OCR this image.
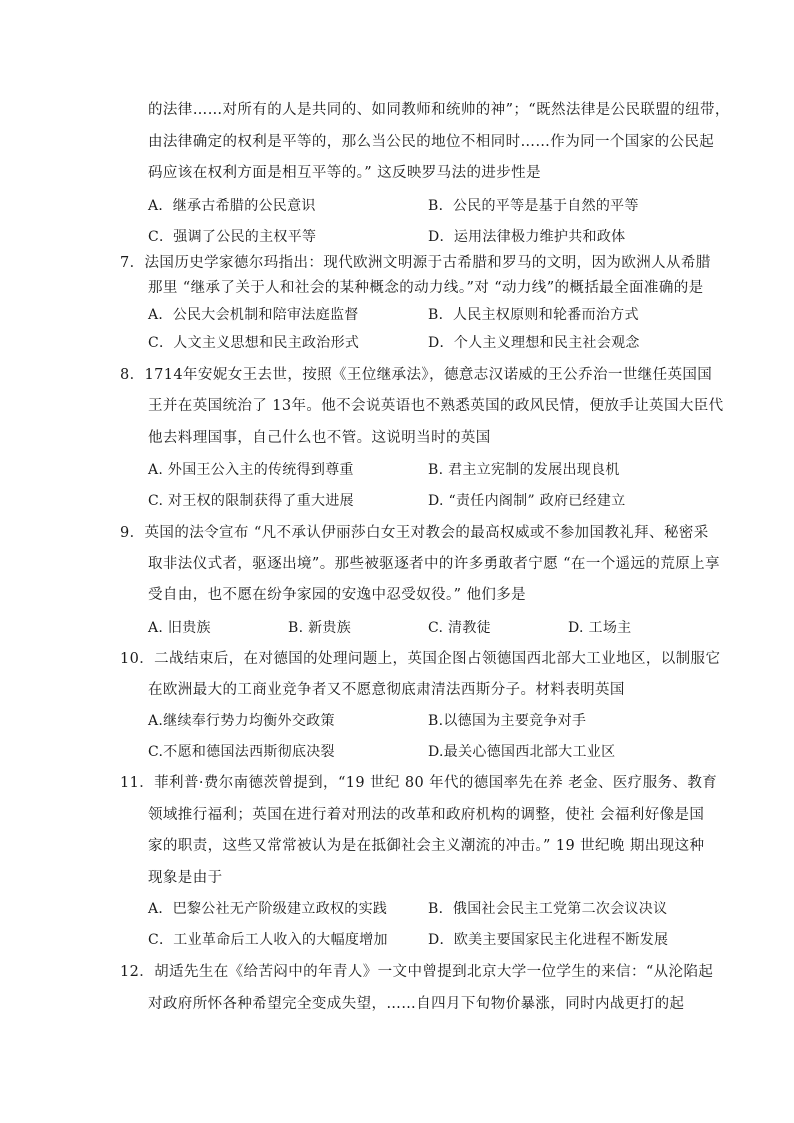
的法律……对所有的人是共同的、如同教师和统帅的神”；“既然法律是公民联盟的纽带，
由法律确定的权利是平等的，那么当公民的地位不相同时……作为同一个国家的公民起
码应该在权利方面是相互平等的。” 这反映罗马法的进步性是
A．继承古希腊的公民意识	B．公民的平等是基于自然的平等
C．强调了公民的主权平等	D．运用法律极力维护共和政体
7．法国历史学家德尔玛指出：现代欧洲文明源于古希腊和罗马的文明，因为欧洲人从希腊
那里 “继承了关于人和社会的某种概念的动力线。”对 “动力线”的概括最全面准确的是
A．公民大会机制和陪审法庭监督	B．人民主权原则和轮番而治方式
C．人文主义思想和民主政治形式	D．个人主义理想和民主社会观念
8．1714年安妮女王去世，按照《王位继承法》，德意志汉诺威的王公乔治一世继任英国国
王并在英国统治了 13年。他不会说英语也不熟悉英国的政风民情，便放手让英国大臣代
他去料理国事，自己什么也不管。这说明当时的英国
A. 外国王公入主的传统得到尊重	B. 君主立宪制的发展出现良机
C. 对王权的限制获得了重大进展	D. “责任内阁制” 政府已经建立
9．英国的法令宣布 “凡不承认伊丽莎白女王对教会的最高权威或不参加国教礼拜、秘密采
取非法仪式者，驱逐出境”。那些被驱逐者中的许多勇敢者宁愿 “在一个遥远的荒原上享
受自由，也不愿在纷争家园的安逸中忍受奴役。” 他们多是
A. 旧贵族	B. 新贵族	C. 清教徒	D. 工场主
10．二战结束后，在对德国的处理问题上，英国企图占领德国西北部大工业地区，以制服它
在欧洲最大的工商业竞争者又不愿意彻底肃清法西斯分子。材料表明英国
A.继续奉行势力均衡外交政策	B.以德国为主要竞争对手
C.不愿和德国法西斯彻底决裂	D.最关心德国西北部大工业区
11．菲利普·费尔南德茨曾提到，“19 世纪 80 年代的德国率先在养 老金、医疗服务、教育
领域推行福利；英国在进行着对刑法的改革和政府机构的调整，使社 会福利好像是国
家的职责，这些又常常被认为是在抵御社会主义潮流的冲击。” 19 世纪晚 期出现这种
现象是由于
A．巴黎公社无产阶级建立政权的实践	B．俄国社会民主工党第二次会议决议
C．工业革命后工人收入的大幅度增加	D．欧美主要国家民主化进程不断发展
12．胡适先生在《给苦闷中的年青人》一文中曾提到北京大学一位学生的来信：“从沦陷起
对政府所怀各种希望完全变成失望，……自四月下旬物价暴涨，同时内战更打的起
